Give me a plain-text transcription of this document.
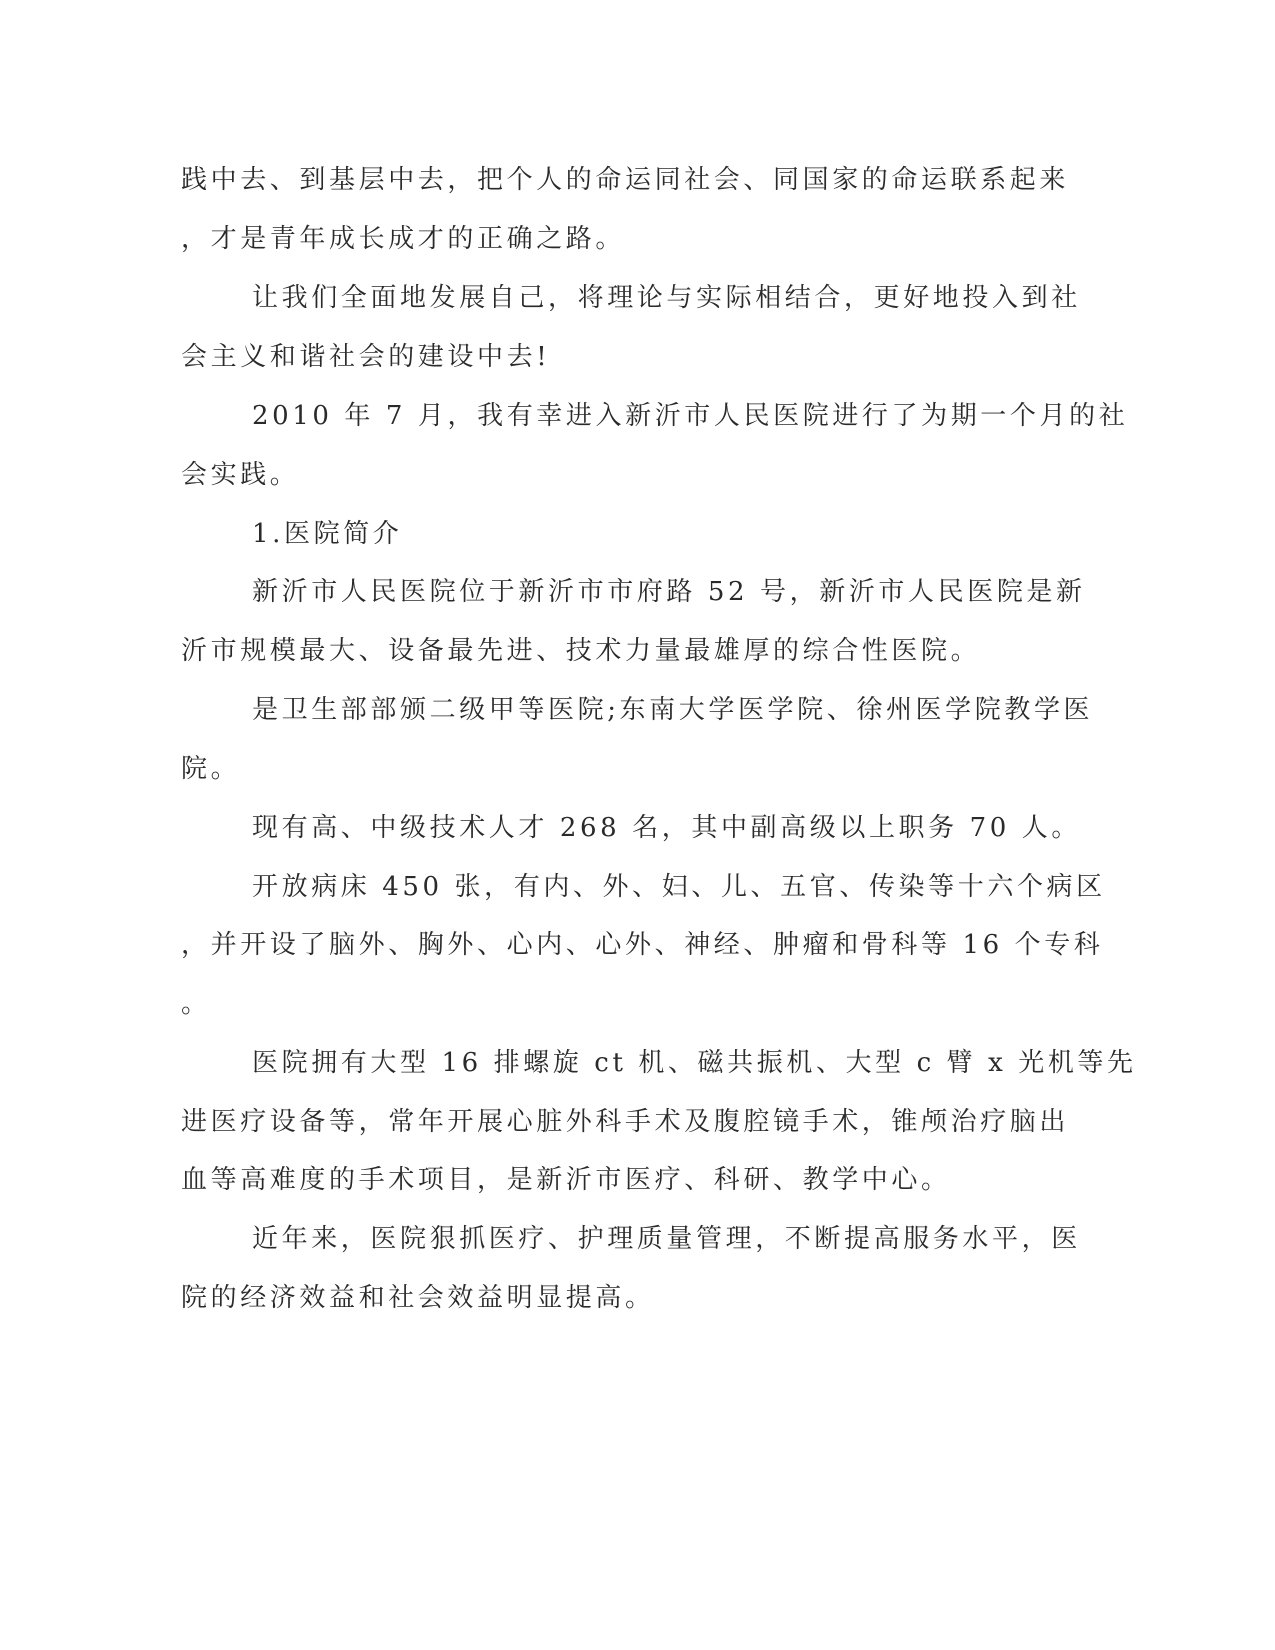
践中去、到基层中去，把个人的命运同社会、同国家的命运联系起来
，才是青年成长成才的正确之路。
让我们全面地发展自己，将理论与实际相结合，更好地投入到社
会主义和谐社会的建设中去!
2010 年 7 月，我有幸进入新沂市人民医院进行了为期一个月的社
会实践。
1.医院简介
新沂市人民医院位于新沂市市府路 52 号，新沂市人民医院是新
沂市规模最大、设备最先进、技术力量最雄厚的综合性医院。
是卫生部部颁二级甲等医院;东南大学医学院、徐州医学院教学医
院。
现有高、中级技术人才 268 名，其中副高级以上职务 70 人。
开放病床 450 张，有内、外、妇、儿、五官、传染等十六个病区
，并开设了脑外、胸外、心内、心外、神经、肿瘤和骨科等 16 个专科
。
医院拥有大型 16 排螺旋 ct 机、磁共振机、大型 c 臂 x 光机等先
进医疗设备等，常年开展心脏外科手术及腹腔镜手术，锥颅治疗脑出
血等高难度的手术项目，是新沂市医疗、科研、教学中心。
近年来，医院狠抓医疗、护理质量管理，不断提高服务水平，医
院的经济效益和社会效益明显提高。
